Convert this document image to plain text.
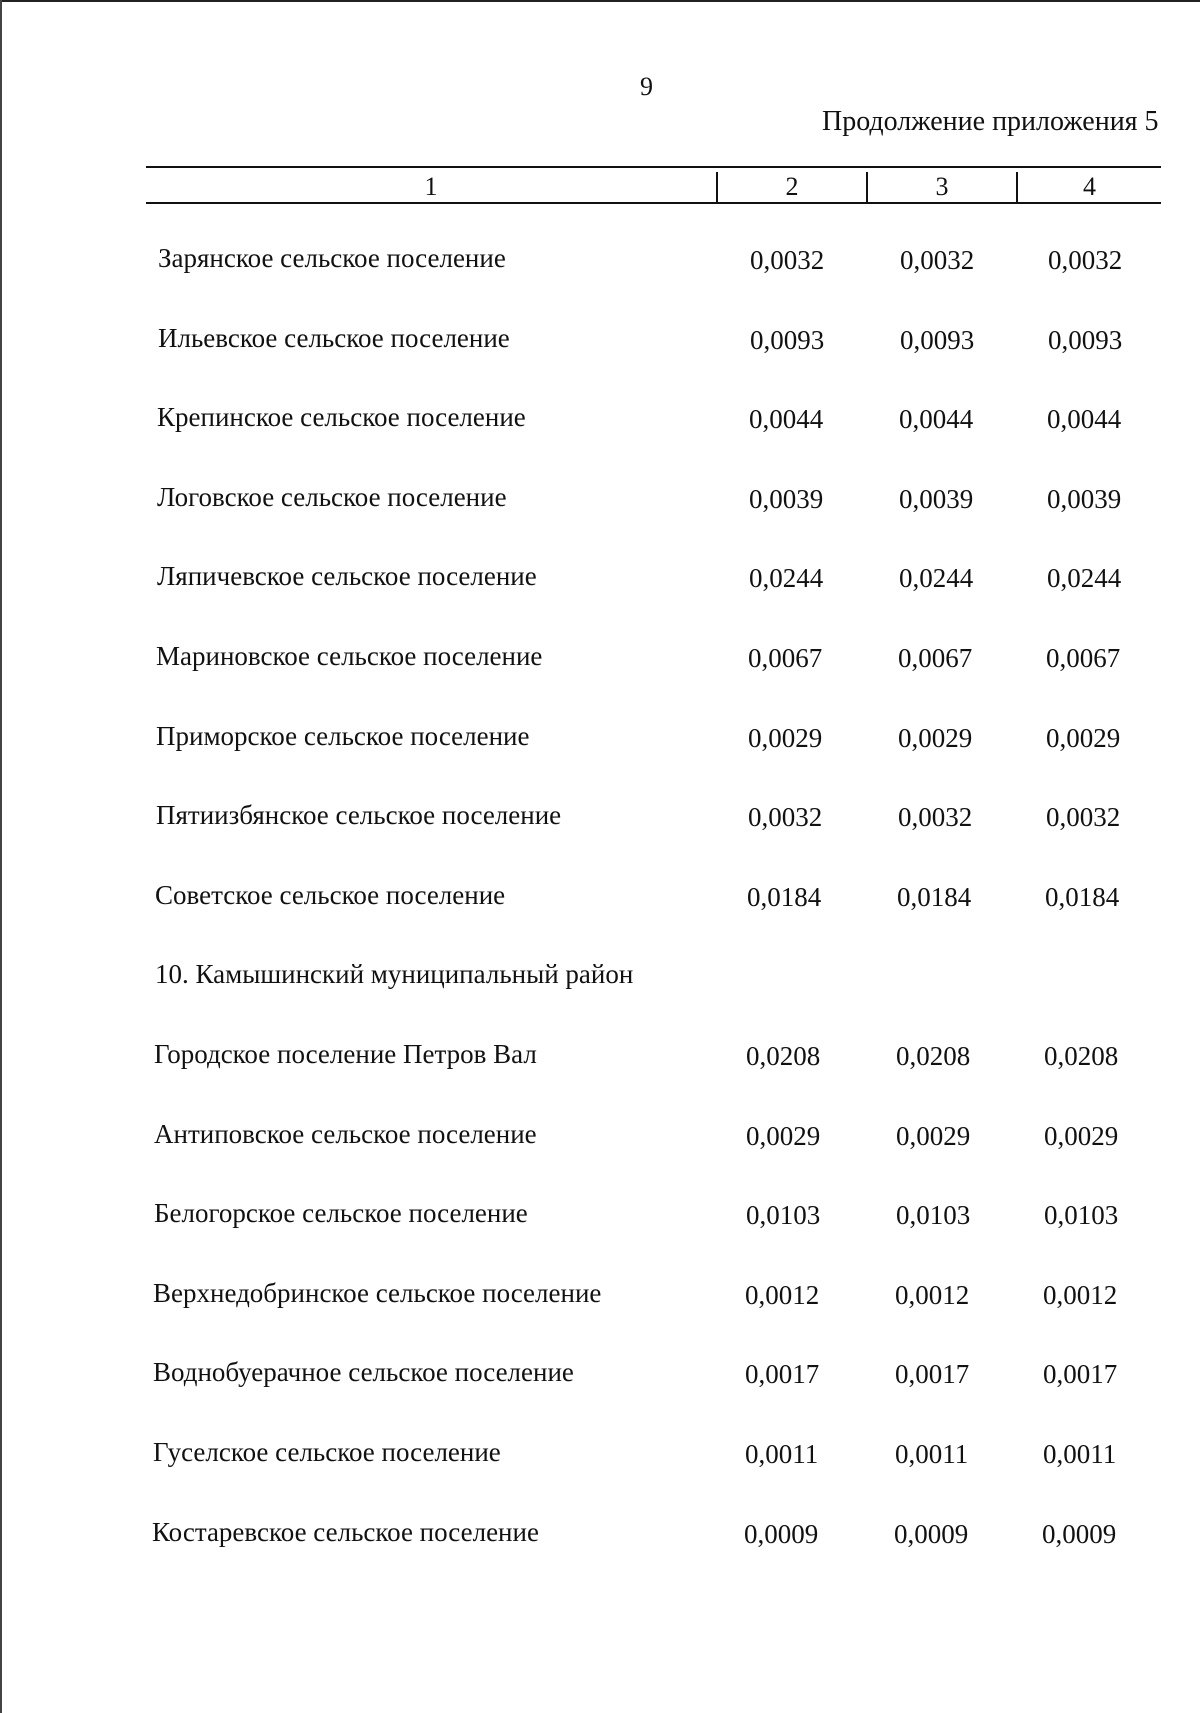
9
Продолжение приложения 5
1	2	3	4
Зарянское сельское поселение	0,0032	0,0032	0,0032
Ильевское сельское поселение	0,0093	0,0093	0,0093
Крепинское сельское поселение	0,0044	0,0044	0,0044
Логовское сельское поселение	0,0039	0,0039	0,0039
Ляпичевское сельское поселение	0,0244	0,0244	0,0244
Мариновское сельское поселение	0,0067	0,0067	0,0067
Приморское сельское поселение	0,0029	0,0029	0,0029
Пятиизбянское сельское поселение	0,0032	0,0032	0,0032
Советское сельское поселение	0,0184	0,0184	0,0184
10. Камышинский муниципальный район
Городское поселение Петров Вал	0,0208	0,0208	0,0208
Антиповское сельское поселение	0,0029	0,0029	0,0029
Белогорское сельское поселение	0,0103	0,0103	0,0103
Верхнедобринское сельское поселение	0,0012	0,0012	0,0012
Воднобуерачное сельское поселение	0,0017	0,0017	0,0017
Гуселское сельское поселение	0,0011	0,0011	0,0011
Костаревское сельское поселение	0,0009	0,0009	0,0009
